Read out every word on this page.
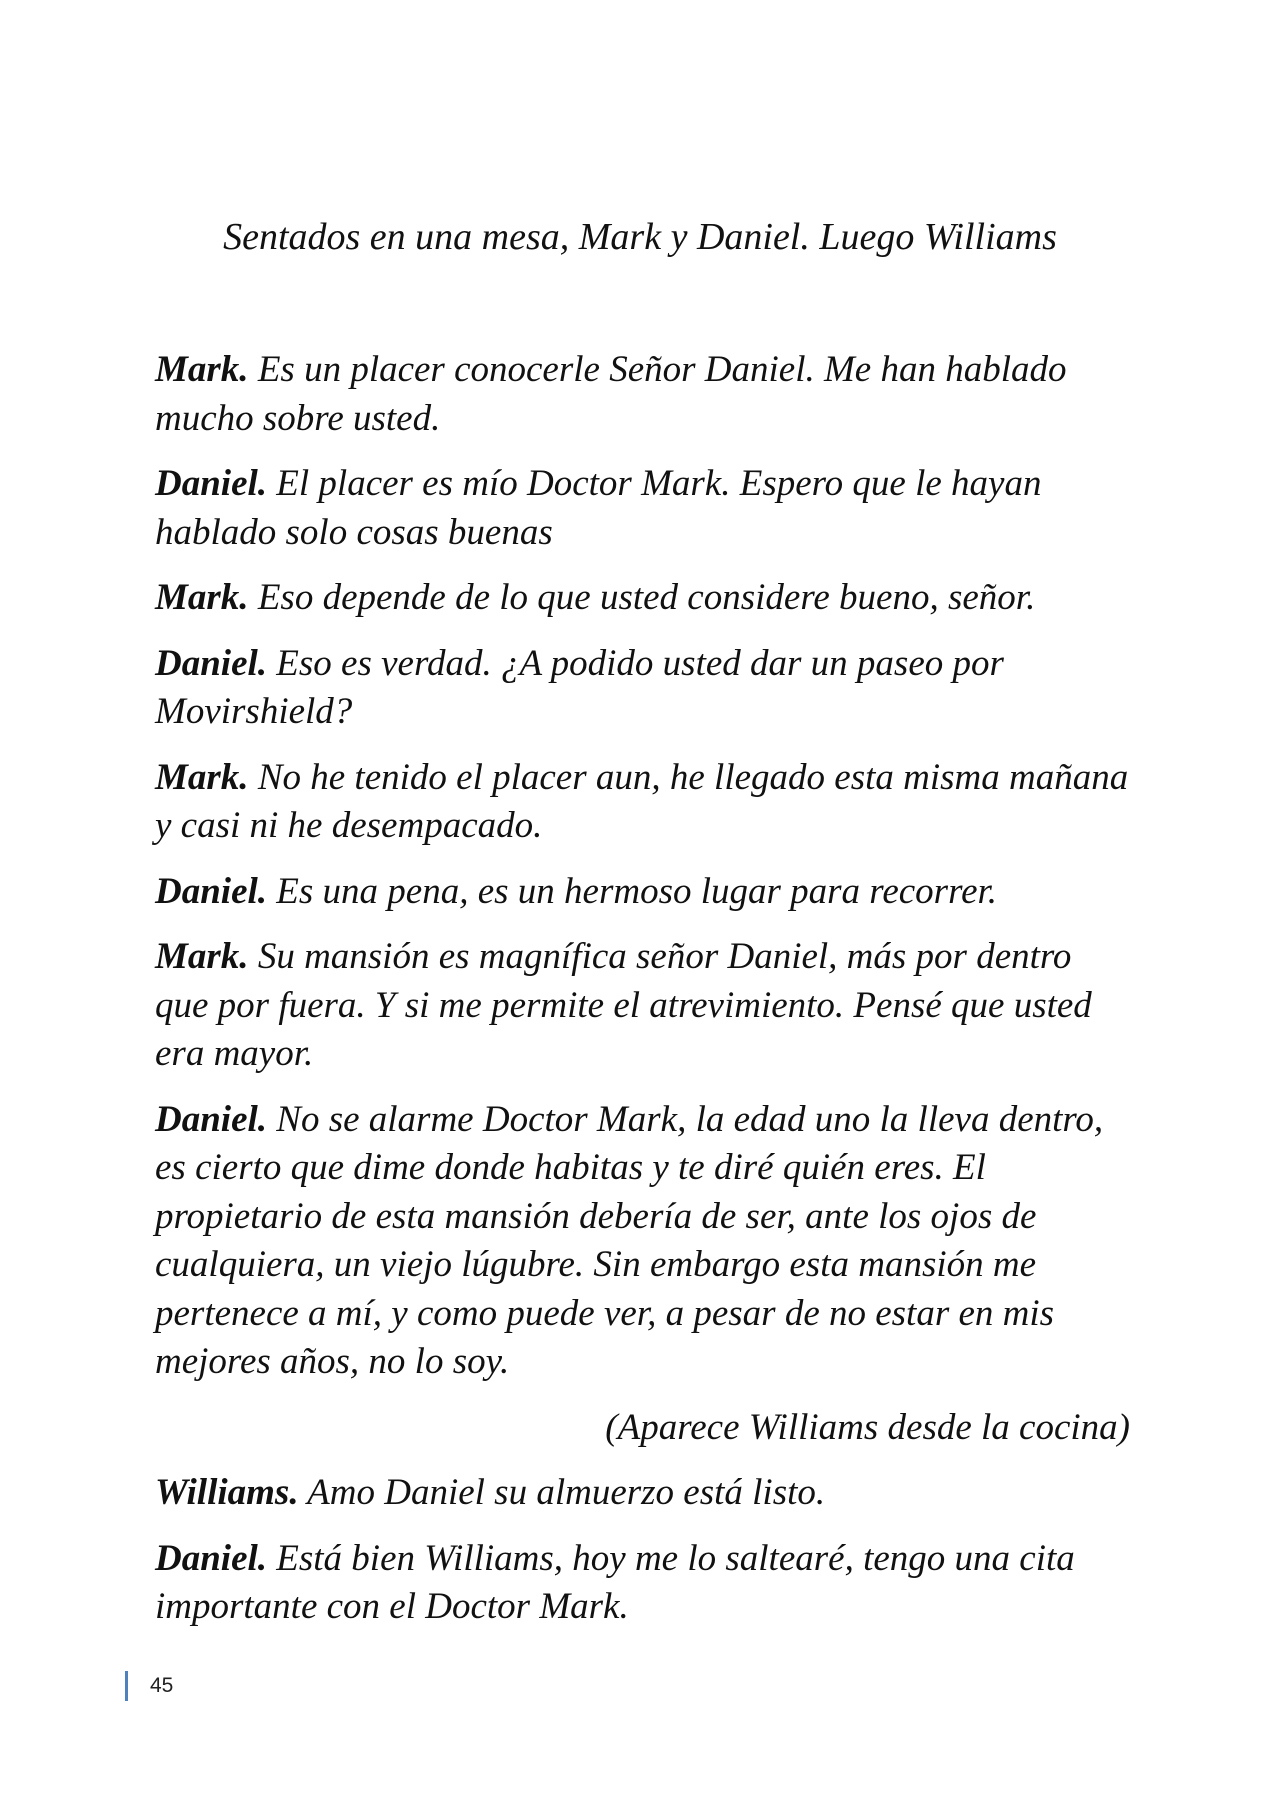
Sentados en una mesa, Mark y Daniel. Luego Williams

Mark. Es un placer conocerle Señor Daniel. Me han hablado mucho sobre usted.

Daniel. El placer es mío Doctor Mark. Espero que le hayan hablado solo cosas buenas

Mark. Eso depende de lo que usted considere bueno, señor.

Daniel. Eso es verdad. ¿A podido usted dar un paseo por Movirshield?

Mark. No he tenido el placer aun, he llegado esta misma mañana y casi ni he desempacado.

Daniel. Es una pena, es un hermoso lugar para recorrer.

Mark. Su mansión es magnífica señor Daniel, más por dentro que por fuera. Y si me permite el atrevimiento. Pensé que usted era mayor.

Daniel. No se alarme Doctor Mark, la edad uno la lleva dentro, es cierto que dime donde habitas y te diré quién eres. El propietario de esta mansión debería de ser, ante los ojos de cualquiera, un viejo lúgubre. Sin embargo esta mansión me pertenece a mí, y como puede ver, a pesar de no estar en mis mejores años, no lo soy.

(Aparece Williams desde la cocina)

Williams. Amo Daniel su almuerzo está listo.

Daniel. Está bien Williams, hoy me lo saltearé, tengo una cita importante con el Doctor Mark.

45
